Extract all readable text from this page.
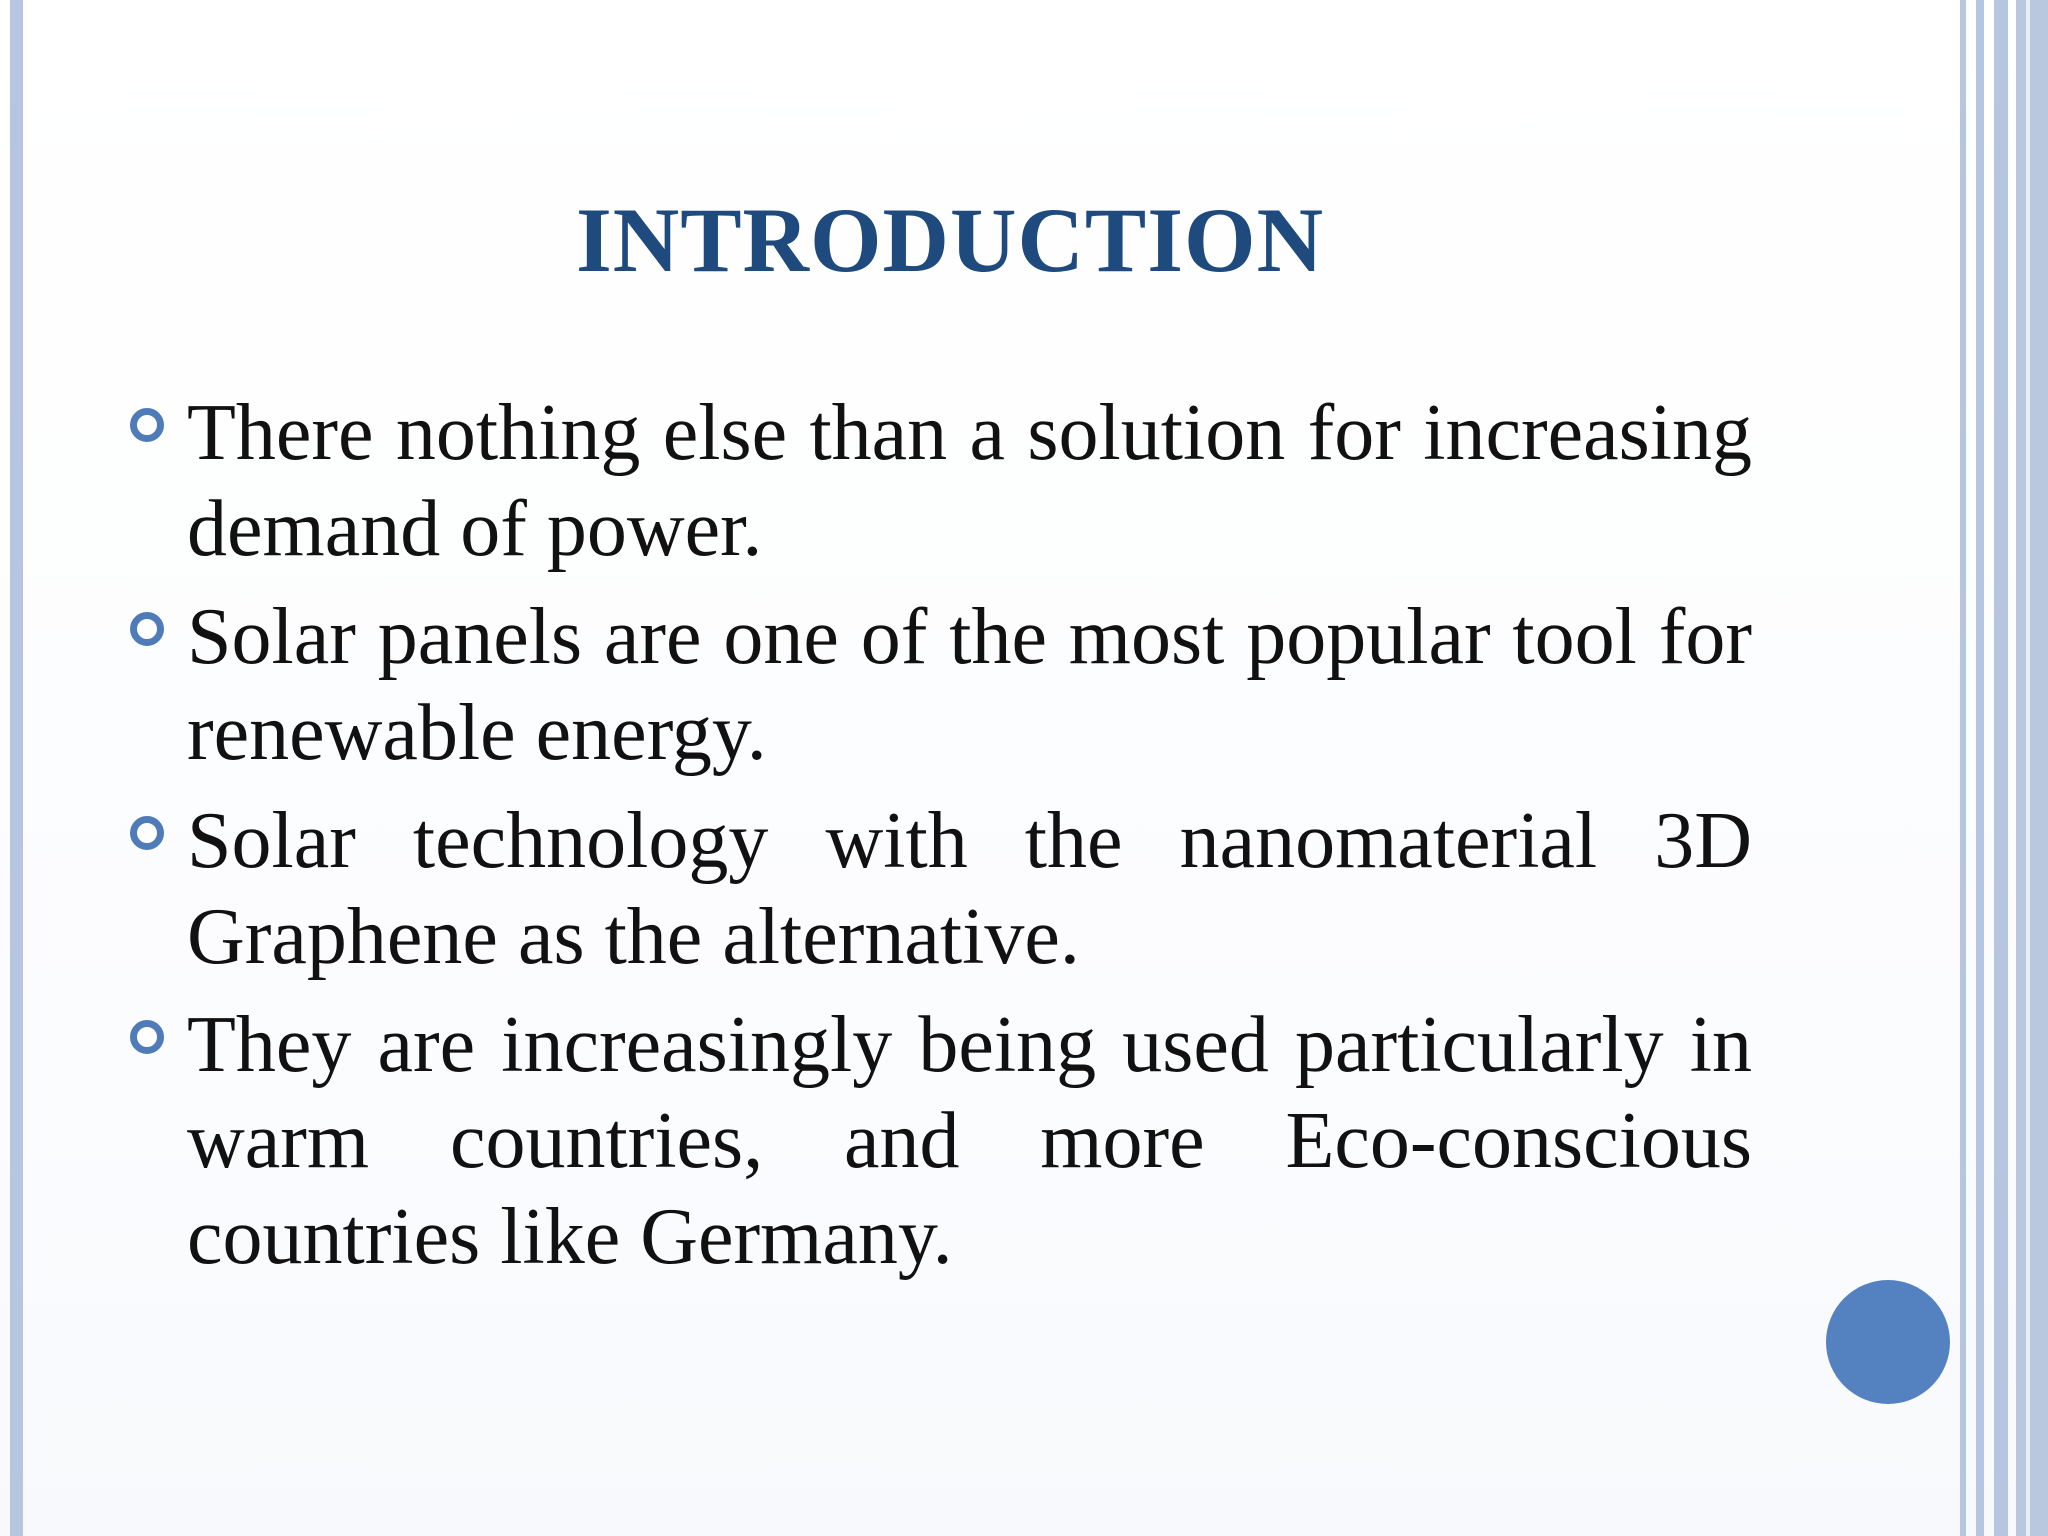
INTRODUCTION
There nothing else than a solution for increasing demand of power.
Solar panels are one of the most popular tool for renewable energy.
Solar technology with the nanomaterial 3D Graphene as the alternative.
They are increasingly being used particularly in warm countries, and more Eco-conscious countries like Germany.
